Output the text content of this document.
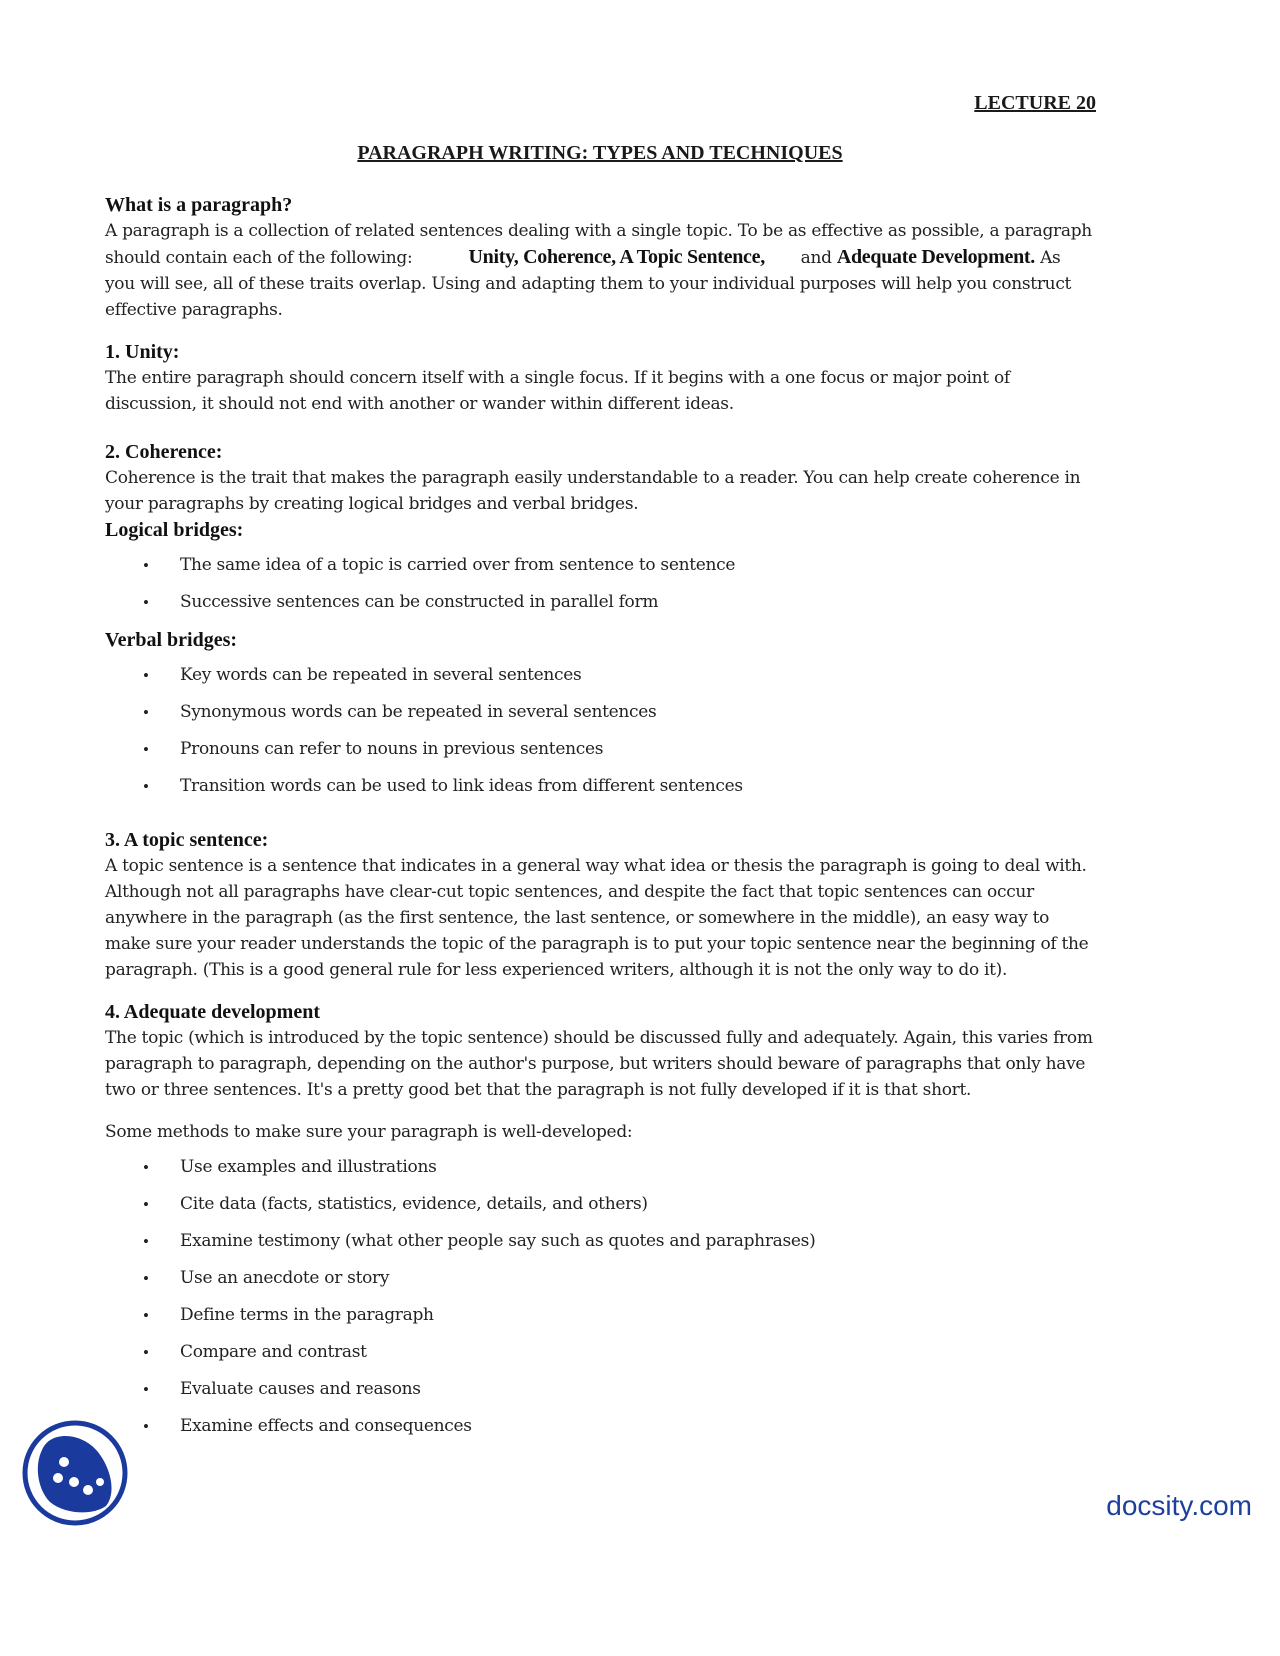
LECTURE 20
PARAGRAPH WRITING: TYPES AND TECHNIQUES
What is a paragraph?

A paragraph is a collection of related sentences dealing with a single topic. To be as effective as possible, a paragraph should contain each of the following:	Unity, Coherence, A Topic Sentence, and Adequate Development. As you will see, all of these traits overlap. Using and adapting them to your individual purposes will help you construct effective paragraphs.

1. Unity:

The entire paragraph should concern itself with a single focus. If it begins with a one focus or major point of discussion, it should not end with another or wander within different ideas.

2. Coherence:

Coherence is the trait that makes the paragraph easily understandable to a reader. You can help create coherence in your paragraphs by creating logical bridges and verbal bridges.

Logical bridges:
• The same idea of a topic is carried over from sentence to sentence
• Successive sentences can be constructed in parallel form
Verbal bridges:
• Key words can be repeated in several sentences
• Synonymous words can be repeated in several sentences
• Pronouns can refer to nouns in previous sentences
• Transition words can be used to link ideas from different sentences
3. A topic sentence:

A topic sentence is a sentence that indicates in a general way what idea or thesis the paragraph is going to deal with. Although not all paragraphs have clear-cut topic sentences, and despite the fact that topic sentences can occur anywhere in the paragraph (as the first sentence, the last sentence, or somewhere in the middle), an easy way to make sure your reader understands the topic of the paragraph is to put your topic sentence near the beginning of the paragraph. (This is a good general rule for less experienced writers, although it is not the only way to do it).

4. Adequate development

The topic (which is introduced by the topic sentence) should be discussed fully and adequately. Again, this varies from paragraph to paragraph, depending on the author's purpose, but writers should beware of paragraphs that only have two or three sentences. It's a pretty good bet that the paragraph is not fully developed if it is that short.

Some methods to make sure your paragraph is well-developed:

• Use examples and illustrations
• Cite data (facts, statistics, evidence, details, and others)
• Examine testimony (what other people say such as quotes and paraphrases)
• Use an anecdote or story
• Define terms in the paragraph
• Compare and contrast
• Evaluate causes and reasons
• Examine effects and consequences
docsity.com
